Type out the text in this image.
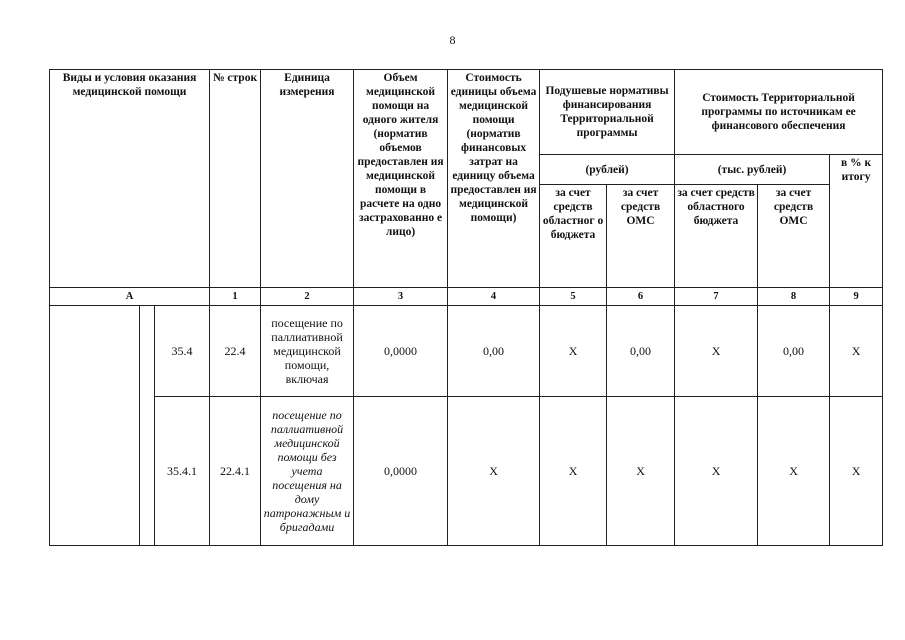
8
Виды и условия оказания медицинской помощи			№ строк	Единица измерения	Объем медицинской помощи на одного жителя (норматив объемов предоставлен ия медицинской помощи в расчете на одно застрахованно е лицо)	Стоимость единицы объема медицинской помощи (норматив финансовых затрат на единицу объема предоставлен ия медицинской помощи)	Подушевые нормативы финансирования Территориальной программы		Стоимость Территориальной программы по источникам ее финансового обеспечения		
							(рублей)		(тыс. рублей)		в % к итогу
							за счет средств областног о бюджета	за счет средств ОМС	за счет средств областного бюджета	за счет средств ОМС	
А			1	2	3	4	5	6	7	8	9
		35.4	22.4	посещение по паллиативной медицинской помощи, включая	0,0000	0,00	Х	0,00	Х	0,00	Х
		35.4.1	22.4.1	посещение по паллиативной медицинской помощи без учета посещения на дому патронажным и бригадами	0,0000	Х	Х	Х	Х	Х	Х
